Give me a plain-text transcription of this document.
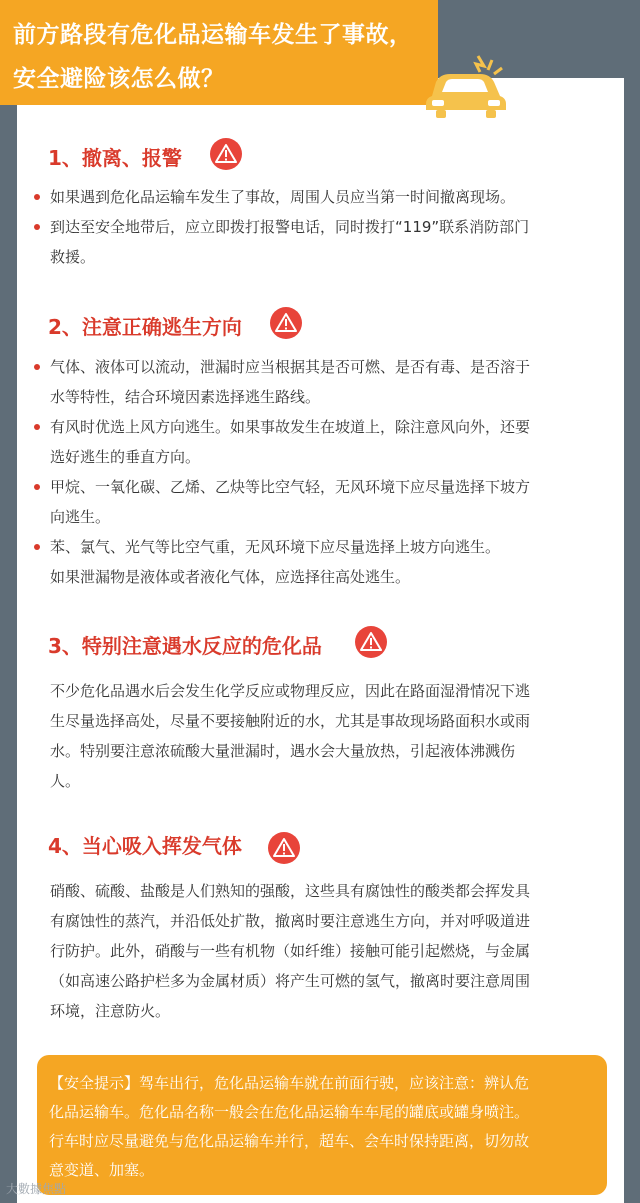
前方路段有危化品运输车发生了事故，
安全避险该怎么做？
1、撤离、报警
如果遇到危化品运输车发生了事故，周围人员应当第一时间撤离现场。
到达至安全地带后，应立即拨打报警电话，同时拨打“119”联系消防部门
救援。
2、注意正确逃生方向
气体、液体可以流动，泄漏时应当根据其是否可燃、是否有毒、是否溶于
水等特性，结合环境因素选择逃生路线。
有风时优选上风方向逃生。如果事故发生在坡道上，除注意风向外，还要
选好逃生的垂直方向。
甲烷、一氧化碳、乙烯、乙炔等比空气轻，无风环境下应尽量选择下坡方
向逃生。
苯、氯气、光气等比空气重，无风环境下应尽量选择上坡方向逃生。
如果泄漏物是液体或者液化气体，应选择往高处逃生。
3、特别注意遇水反应的危化品
不少危化品遇水后会发生化学反应或物理反应，因此在路面湿滑情况下逃
生尽量选择高处，尽量不要接触附近的水，尤其是事故现场路面积水或雨
水。特别要注意浓硫酸大量泄漏时，遇水会大量放热，引起液体沸溅伤
人。
4、当心吸入挥发气体
硝酸、硫酸、盐酸是人们熟知的强酸，这些具有腐蚀性的酸类都会挥发具
有腐蚀性的蒸汽，并沿低处扩散，撤离时要注意逃生方向，并对呼吸道进
行防护。此外，硝酸与一些有机物（如纤维）接触可能引起燃烧，与金属
（如高速公路护栏多为金属材质）将产生可燃的氢气，撤离时要注意周围
环境，注意防火。
【安全提示】驾车出行，危化品运输车就在前面行驶，应该注意：辨认危
化品运输车。危化品名称一般会在危化品运输车车尾的罐底或罐身喷注。
行车时应尽量避免与危化品运输车并行，超车、会车时保持距离，切勿故
意变道、加塞。
大數據焦點
